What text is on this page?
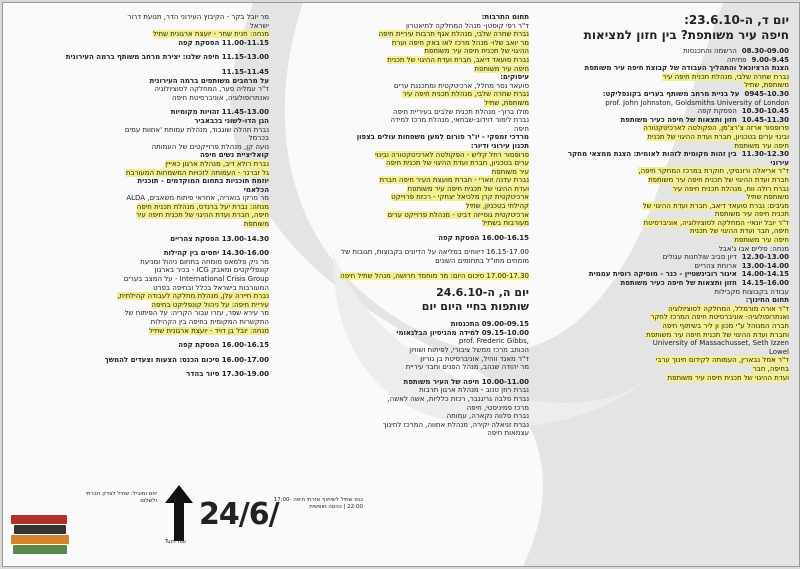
יום ד, ה-23.6.10:
חיפה עיר משותפת? בין חזון למציאות
08.30-09.00הרשמה והתכנסות
9.00-9.45פתיחה
הצגת הרציונאל והתהליך העבודה של קבוצת חיפה עיר משותפת
נברת שחרה שלבי, מנהלת תכנית חיפה עיר
משותפת, שתיל
0945-10.30על בניית מרחב משותף בערים בקונפליקט:
prof. John Johnston, Goldsmiths University of London
10.30-10.45הפסקת קפה
10.45-11.30חזון ותצאות של חיפה כעיר משותפת
פרופסור ארזה צ'רצ'מן, הפקולטה לארכיטקטורה
ובינוי ערים בטכניון, חברת ועדת ההיגוי של תכנית
חיפה עיר משותפת
11.30-12.30בין זהות מקומית לזהות לאומית: הצגת ממצאי מחקר
עירוני
ד"ר אריאלה ורונסקי, חוקרת במרכז המחקר חיפה,
חברת ועדת ההיגוי של תכנית חיפה עיר משותפת
נברת רולה ווח, מנהלת תכנית חיפה עיר
משותפת שתיל
מגיבים: נברת סועאד דיאב, חברת ועדת ההיגוי של
תכנית חיפה עיר משותפת
ד"ר יובל יונאי- המחלקה לסוציולוגיה, אוניברסיטת
חיפה, חבר ועדת ההיגוי של תכנית
חיפה עיר משותפת
מנחה: סליים אבו ג'אבל
12.30-13.00דיון סביב שולחנות עגולים
13.00-14.00ארוחת צהריים
14.00-14.15איגור רובינשטיין - כנר - מוסיקה רוסית עממית
14.15-16.00חזון ותצאות של חיפה כעיר משותפת
עבודה בקבוצות מקבילות
תחום החינוך:
ד"ר אורה מורמלל, המחלקה לסוציולוגיה
ואנתרופולוגיה- אוניברסיטת חיפה המרכז לחקר
חברה המנוהל ע"י מכון ון ליר בשיתוף חיפה
וחברת ועדת ההיגוי של תכנית חיפה עיר משותפת
University of Massachusset, Seth Izzen
Lowel
ד"ר אמל נבארין, העמותה לקידום חינוך ערבי
בחיפה, חבר
ועדת ההיגוי של תכנית חיפה עיר משותפת
תחום התרבות:
ד"ר רפי קוסטן- מנהל המחלקה לתיאטרון
נברת שחרה שלבי, מנהלת אגף תרבות עיריית חיפה
מר יואב שלו- מנהל מרכז לאו באק חיפה וערת
ההיגוי של תכנית חיפה עיר משותפת
נברת סועאד דיאב, חברת ועדת ההיגוי של תכנית
חיפה עיר משותפת
עיסוקים:
סועאד נסר מחלל, ארכיטקטית ומתכננת ערים
נברת שחרה שלבי, מנהלת תכנית חיפה עיר
משותפת, שתיל
מולו ברוך- מנהלת תכנית שלבים בעיריית חיפה
נברת לימור דוידוב-שבחאי, מנהלת מרכז למידה
חיפה
מרדכי זמסקי - יו"ר פורום למען משפחות עולים בצפון
תכנון עירוני ודיור:
פרופסור רחל קליש - הפקולטה לארכיטקטורה ובינוי
ערים בטכניון, חברת ועדת ההיגוי של תכנית חיפה
עיר משותפת
נברת עדנה זוארי - חברת מועצת העיר חיפה חברת
ועדת ההיגוי של תכנית חיפה עיר משותפת
ארכיטקטית קרן מלכיאל יצחקי - רכזת פרוייקט
קהילתי בטכניון, שתיל
ארכיטקטית גוסייזה דביט - מנהלת פרוייקט ערים
מעורבות בשתיל
16.00-16.15 הפסקת קפה
16.15-17.00 דיווחים במליאה על הדיונים בקבוצות, תגובות של
מומחים מחו"ל בתחומים השונים
17.00-17.30 סיכום היום: מר מוחמד חרושה, מנהל שתיל חיפה
יום ה, ה-24.6.10
שותפות בחיי היום יום
09.00-09.15 התכנסות
09.15-10.00 למידה מהניסיון הבלגאומי
prof. Frederic Gibbs,
הכותב מרכז ממשל ציבורי, לפיתוח ושוויון
ד"ר מאגד ווהיל, אוניברסיטת בן גוריון
מר יהודה שנהב, מנהל הפנים וחבר עיריית
10.00-11.00 חיפה של העיר משותפת
נברת רוזן טנוב - מנהלת ארגון תרבות
נברת סלבה גריגנבר, רכזת כלליות, אשה לאשה,
מרכז פמיניסטי, חיפה
נברת סלווה נקארה, עמותה
נברת זניאלה יקירה, מנהלת אחווה, המרכז לחינוך
עצמאות חיפה
מר יובל בקר - הקיבוץ העירוני הדר, תנועת דרור
ישראל
מנחה: חנית שחר - יועצת ארגונית שתיל
11.00-11.15 הפסקת קפה
11.15-13.00 חיפה שלנו: יצירת מרחב משותף ברמה העירונית
11.15-11.45
על מרחבים משותפים ברמה העירונית
ד"ר עמליה סער, המחלקה לסוציולוגיה
ואנתרופולוגיה, אוניברסיטת חיפה
11.45-13.00 זהויות מקומיות
הגן הדו-לשוני בכבאביר
נברת תהלה שוגבוד, מנהלת עמותת 'אחוות עמים
בכרמל
נועה קן, מנהלת פרוייקטים של העמותה
קואליציית נשים חיפה
נברת רולא דיב, מנהלת ארגון כאייין
גל זברנר - העמותה לזכויות המשמחות המעורבת
יוזמת תוכניות בתחום המוקדמים - תוכנית
הכלאמי
מר מרקו בואריה, אחראי פיתוח משאבים, ALDA
מנחה: נברת יעל ברנדס, מנהלת תכנית חיפה
חיפה, חברת ועדת ההיגוי של תכנית חיפה עיר
משותפת
13.00-14.30 הפסקת צהריים
14.30-16.00 יחסים בין קהילות
מר ניק פלמאס מומחה בתחום ניהול ומניעת
קונפליקטים ומאבק ICG - בכיר בארגון
International Crisis Group - על המצב בערים
המעורבות בישראל בכלל ובחיפה בפרט
נברת חיירה עלן, מנהלת מחלקה לעבודה קהילתית,
עיריית חיפה: על ניהול קונפליקט בחיפה
מר עירא שפר, עזרו עבור הקריה: על הפיתוח של
התקשרות המקומית בחיפה בין הקהילות
מנחה: יובל בן דויד - יועצת ארגונית שתיל
16.00-16.15 הפסקת קפה
16.00-17.00 סיכום הכנס: הצעות וצעדים להמשך
17.30-19.00 סיור בהדר
24/6/
Turn You
כנס שתיל לשיתוף אזרחי חיפה 17:00-22:00 | כניסה חופשית
יוזם ומוביל: שתיל לצדק חברתי ולשלום
